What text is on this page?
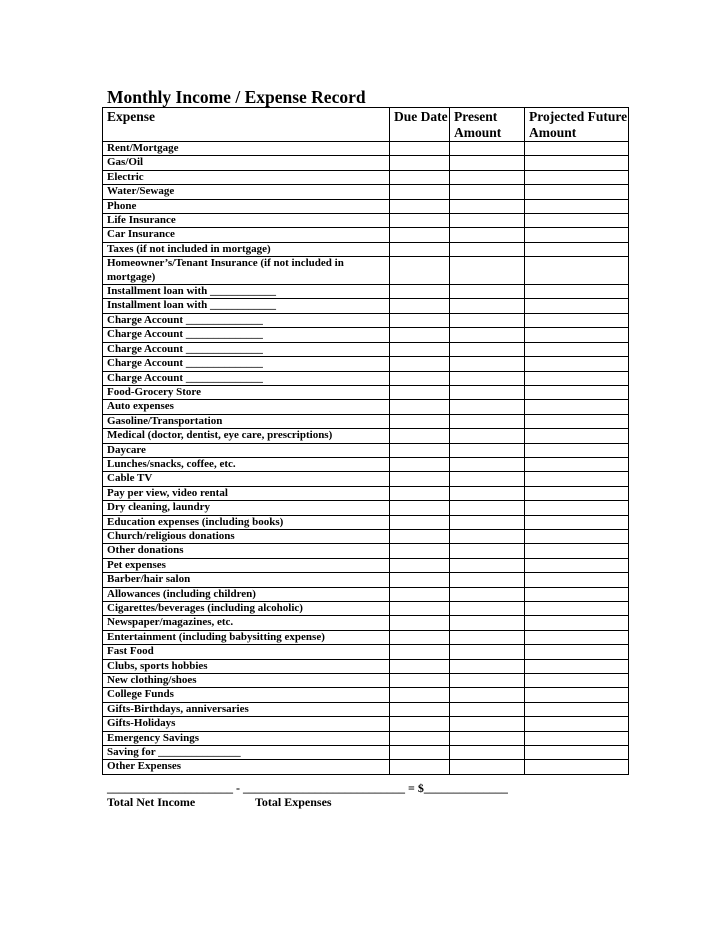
Monthly Income / Expense Record
Expense	Due Date	Present Amount	Projected Future Amount
Rent/Mortgage			
Gas/Oil			
Electric			
Water/Sewage			
Phone			
Life Insurance			
Car Insurance			
Taxes (if not included in mortgage)			
Homeowner’s/Tenant Insurance (if not included in mortgage)			
Installment loan with ____________			
Installment loan with ____________			
Charge Account ______________			
Charge Account ______________			
Charge Account ______________			
Charge Account ______________			
Charge Account ______________			
Food-Grocery Store			
Auto expenses			
Gasoline/Transportation			
Medical (doctor, dentist, eye care, prescriptions)			
Daycare			
Lunches/snacks, coffee, etc.			
Cable TV			
Pay per view, video rental			
Dry cleaning, laundry			
Education expenses (including books)			
Church/religious donations			
Other donations			
Pet expenses			
Barber/hair salon			
Allowances (including children)			
Cigarettes/beverages (including alcoholic)			
Newspaper/magazines, etc.			
Entertainment (including babysitting expense)			
Fast Food			
Clubs, sports hobbies			
New clothing/shoes			
College Funds			
Gifts-Birthdays, anniversaries			
Gifts-Holidays			
Emergency Savings			
Saving for _______________			
Other Expenses			
_____________________ - ___________________________ = $______________
Total Net Income	Total Expenses
